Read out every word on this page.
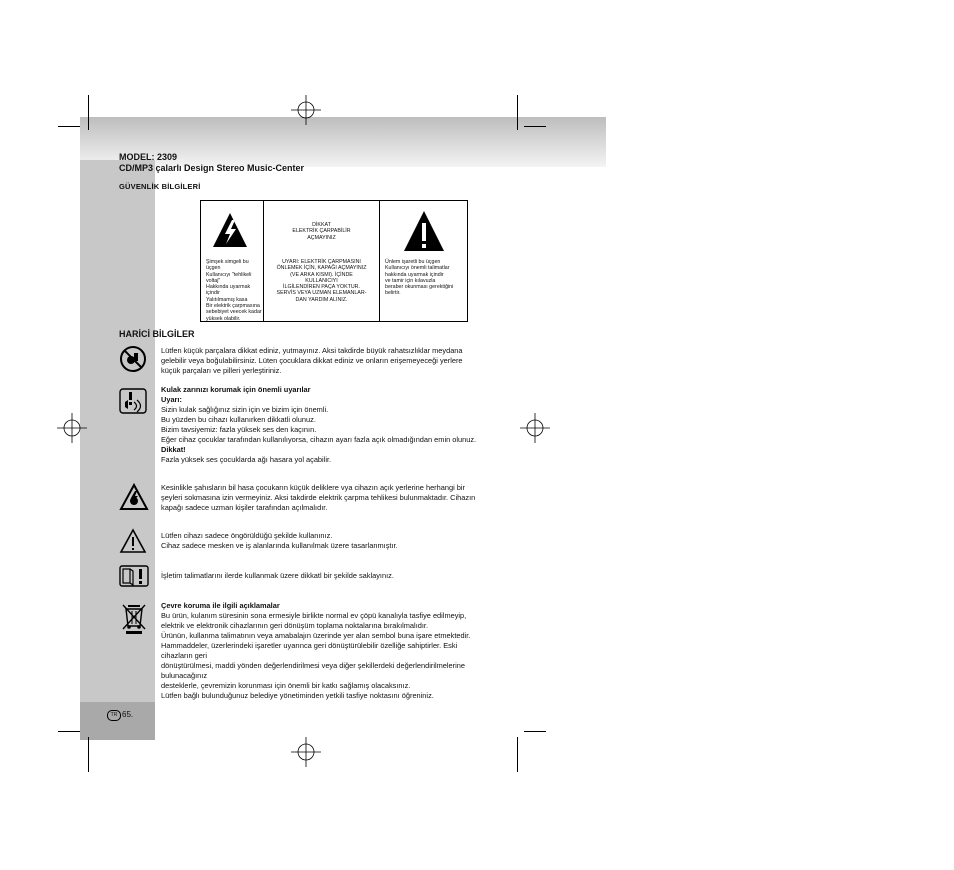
MODEL: 2309
CD/MP3 çalarlı Design Stereo Music-Center
GÜVENLİK BİLGİLERİ
Şimşek simgeli bu üçgen
Kullanıcıyı "tehlikeli voltaj"
Hakkında uyarmak içindir
Yalıtılmamış kasa
Bir elektrik çarpmasına
sebebiyet veecek kadar
yüksek olabilir.
DİKKAT
ELEKTRİK ÇARPABİLİR
AÇMAYINIZ
UYARI: ELEKTRİK ÇARPMASINI
ÖNLEMEK İÇİN, KAPAĞI AÇMAYINIZ
(VE ARKA KISMI). İÇİNDE
KULLANICIYI
İLGİLENDİREN PAÇA YOKTUR.
SERVİS VEYA UZMAN ELEMANLAR-
DAN YARDIM ALINIZ.
Ünlem işaretli bu üçgen
Kullanıcıyı önemli talimatlar
hakkında uyarmak içindir
ve tamir için kılavuzla
beraber okunması gerektiğini
belirtir.
HARİCİ BİLGİLER
Lütfen küçük parçalara dikkat ediniz, yutmayınız. Aksi takdirde büyük rahatsızlıklar meydana
gelebilir veya boğulabilirsiniz. Lüten çocuklara dikkat ediniz ve onların erişemeyeceği yerlere
küçük parçaları ve pilleri yerleştiriniz.
Kulak zarınızı korumak için önemli uyarılar
Uyarı:
Sizin kulak sağlığınız sizin için ve bizim için önemli.
Bu yüzden bu cihazı kullanırken dikkatli olunuz.
Bizim tavsiyemiz: fazla yüksek ses den kaçının.
Eğer cihaz çocuklar tarafından kullanılıyorsa, cihazın ayarı fazla açık olmadığından emin olunuz.
Dikkat!
Fazla yüksek ses çocuklarda ağı hasara yol açabilir.
Kesinlikle şahısların bil hasa çocukarın küçük deliklere vya cihazın açık yerlerine herhangi bir
şeyleri sokmasına izin vermeyiniz. Aksi takdirde elektrik çarpma tehlikesi bulunmaktadır. Cihazın
kapağı sadece uzman kişiler tarafından açılmalıdır.
Lütfen cihazı sadece öngörüldüğü şekilde kullanınız.
Cihaz sadece mesken ve iş alanlarında kullanılmak üzere tasarlanmıştır.
İşletim talimatlarını ilerde kullanmak üzere dikkatl bir şekilde saklayınız.
Çevre koruma ile ilgili açıklamalar
Bu ürün, kulanım süresinin sona ermesiyle birlikte normal ev çöpü kanalıyla tasfiye edilmeyip,
elektrik ve elektronik cihazlarının geri dönüşüm toplama noktalarına bırakılmalıdır.
Ürünün, kullanma talimatının veya amabalajın üzerinde yer alan sembol buna işare etmektedir.
Hammaddeler, üzerlerindeki işaretler uyarınca geri dönüştürülebilir özelliğe sahiptirler. Eski
cihazların geri
dönüştürülmesi, maddi yönden değerlendirilmesi veya diğer şekillerdeki değerlendirilmelerine
bulunacağınız
desteklerle, çevremizin korunması için önemli bir katkı sağlamış olacaksınız.
Lütfen bağlı bulunduğunuz belediye yönetiminden yetkili tasfiye noktasını öğreniniz.
TR 65.
